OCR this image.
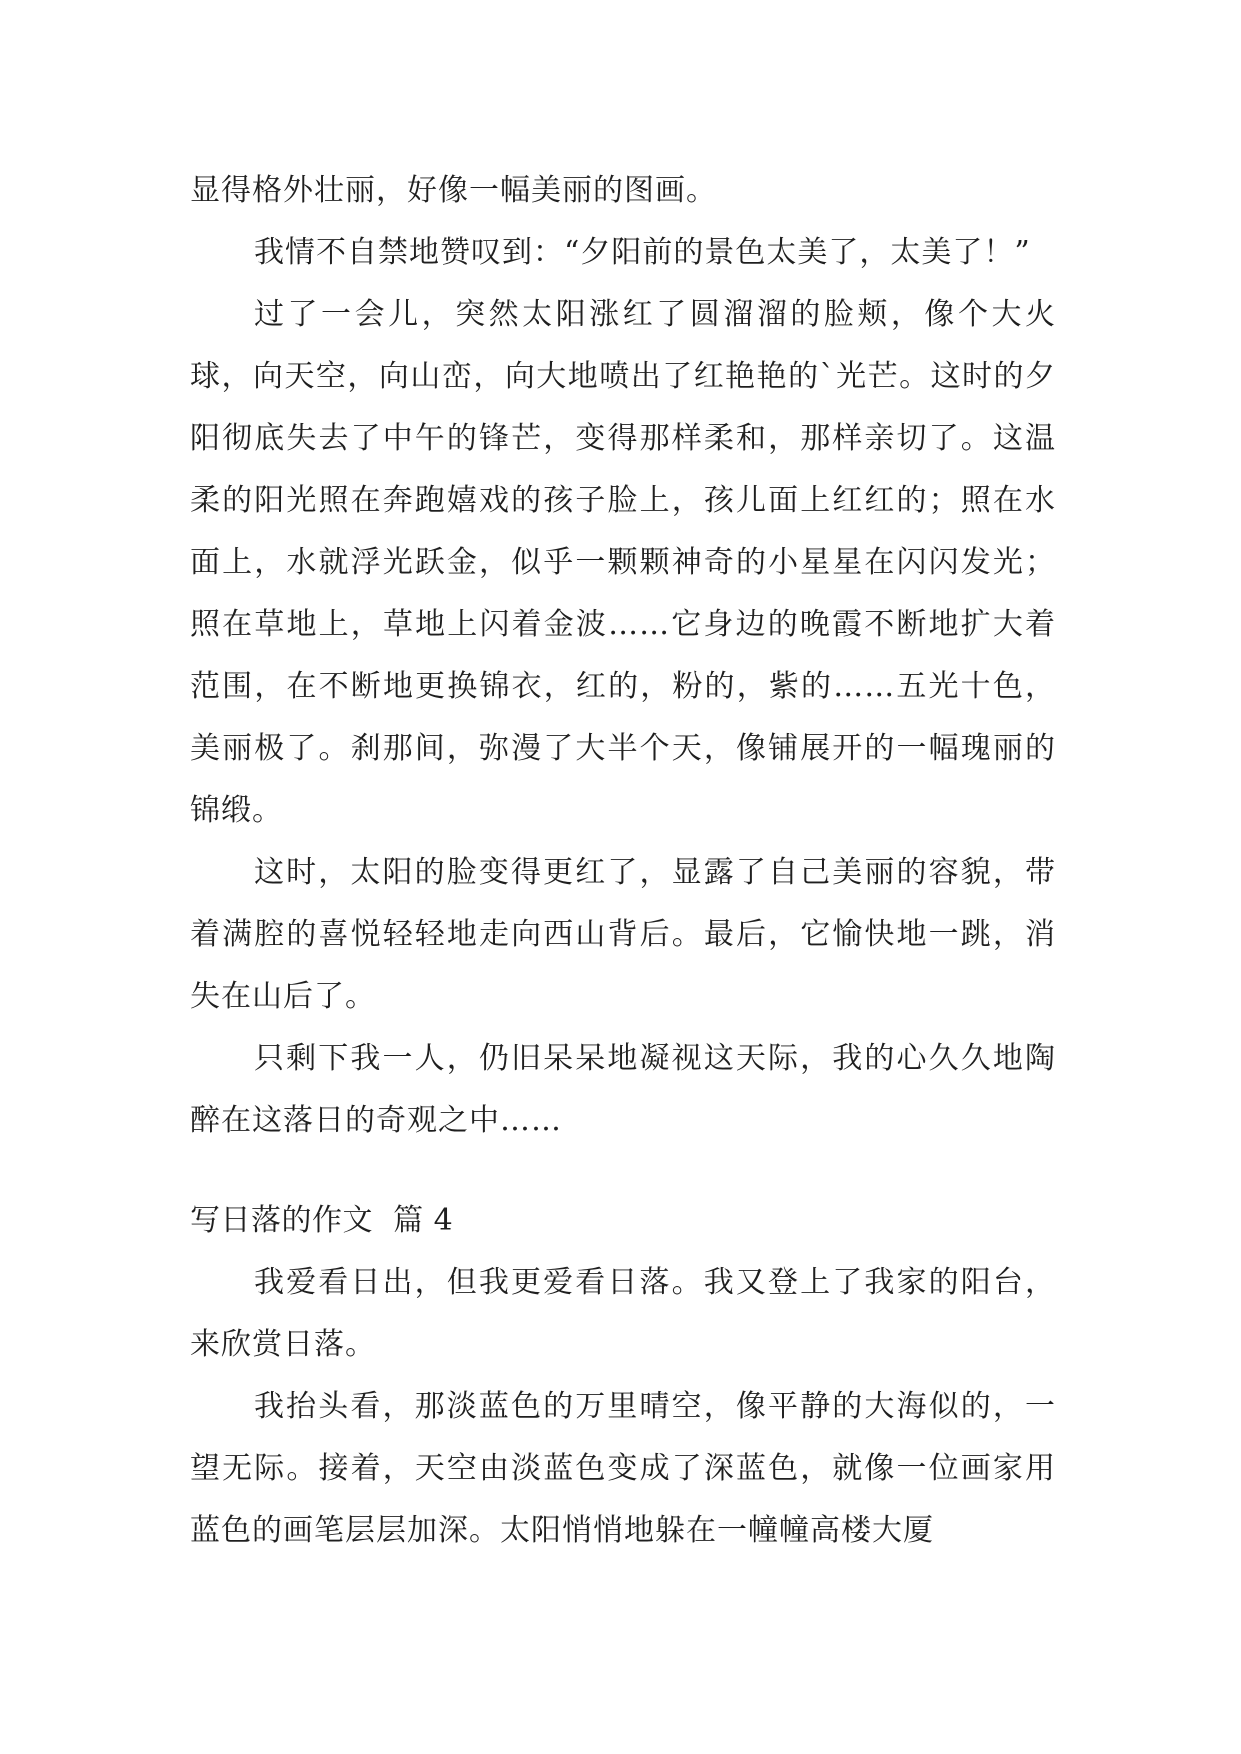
显得格外壮丽，好像一幅美丽的图画。

我情不自禁地赞叹到：“夕阳前的景色太美了，太美了！”

过了一会儿，突然太阳涨红了圆溜溜的脸颊，像个大火球，向天空，向山峦，向大地喷出了红艳艳的`光芒。这时的夕阳彻底失去了中午的锋芒，变得那样柔和，那样亲切了。这温柔的阳光照在奔跑嬉戏的孩子脸上，孩儿面上红红的；照在水面上，水就浮光跃金，似乎一颗颗神奇的小星星在闪闪发光；照在草地上，草地上闪着金波……它身边的晚霞不断地扩大着范围，在不断地更换锦衣，红的，粉的，紫的……五光十色，美丽极了。刹那间，弥漫了大半个天，像铺展开的一幅瑰丽的锦缎。

这时，太阳的脸变得更红了，显露了自己美丽的容貌，带着满腔的喜悦轻轻地走向西山背后。最后，它愉快地一跳，消失在山后了。

只剩下我一人，仍旧呆呆地凝视这天际，我的心久久地陶醉在这落日的奇观之中……

写日落的作文  篇 4

我爱看日出，但我更爱看日落。我又登上了我家的阳台，来欣赏日落。

我抬头看，那淡蓝色的万里晴空，像平静的大海似的，一望无际。接着，天空由淡蓝色变成了深蓝色，就像一位画家用蓝色的画笔层层加深。太阳悄悄地躲在一幢幢高楼大厦
